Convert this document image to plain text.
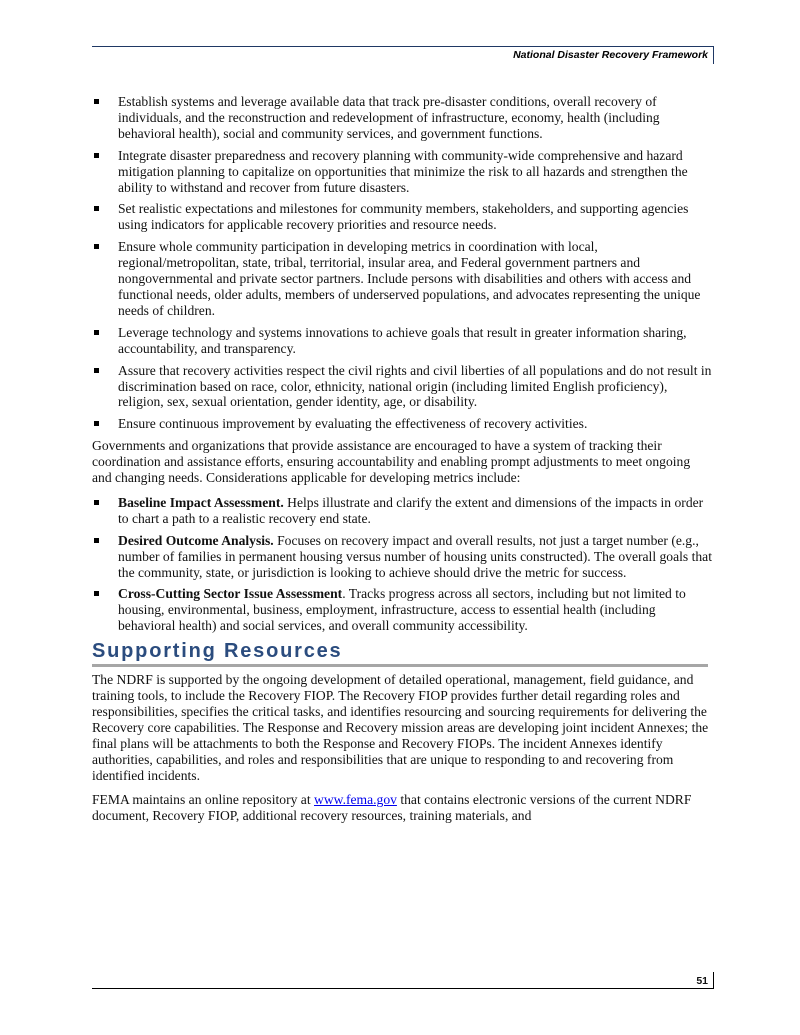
National Disaster Recovery Framework
Establish systems and leverage available data that track pre-disaster conditions, overall recovery of individuals, and the reconstruction and redevelopment of infrastructure, economy, health (including behavioral health), social and community services, and government functions.
Integrate disaster preparedness and recovery planning with community-wide comprehensive and hazard mitigation planning to capitalize on opportunities that minimize the risk to all hazards and strengthen the ability to withstand and recover from future disasters.
Set realistic expectations and milestones for community members, stakeholders, and supporting agencies using indicators for applicable recovery priorities and resource needs.
Ensure whole community participation in developing metrics in coordination with local, regional/metropolitan, state, tribal, territorial, insular area, and Federal government partners and nongovernmental and private sector partners. Include persons with disabilities and others with access and functional needs, older adults, members of underserved populations, and advocates representing the unique needs of children.
Leverage technology and systems innovations to achieve goals that result in greater information sharing, accountability, and transparency.
Assure that recovery activities respect the civil rights and civil liberties of all populations and do not result in discrimination based on race, color, ethnicity, national origin (including limited English proficiency), religion, sex, sexual orientation, gender identity, age, or disability.
Ensure continuous improvement by evaluating the effectiveness of recovery activities.

Governments and organizations that provide assistance are encouraged to have a system of tracking their coordination and assistance efforts, ensuring accountability and enabling prompt adjustments to meet ongoing and changing needs. Considerations applicable for developing metrics include:

Baseline Impact Assessment. Helps illustrate and clarify the extent and dimensions of the impacts in order to chart a path to a realistic recovery end state.
Desired Outcome Analysis. Focuses on recovery impact and overall results, not just a target number (e.g., number of families in permanent housing versus number of housing units constructed). The overall goals that the community, state, or jurisdiction is looking to achieve should drive the metric for success.
Cross-Cutting Sector Issue Assessment. Tracks progress across all sectors, including but not limited to housing, environmental, business, employment, infrastructure, access to essential health (including behavioral health) and social services, and overall community accessibility.
Supporting Resources

The NDRF is supported by the ongoing development of detailed operational, management, field guidance, and training tools, to include the Recovery FIOP. The Recovery FIOP provides further detail regarding roles and responsibilities, specifies the critical tasks, and identifies resourcing and sourcing requirements for delivering the Recovery core capabilities. The Response and Recovery mission areas are developing joint incident Annexes; the final plans will be attachments to both the Response and Recovery FIOPs. The incident Annexes identify authorities, capabilities, and roles and responsibilities that are unique to responding to and recovering from identified incidents.

FEMA maintains an online repository at www.fema.gov that contains electronic versions of the current NDRF document, Recovery FIOP, additional recovery resources, training materials, and

51
